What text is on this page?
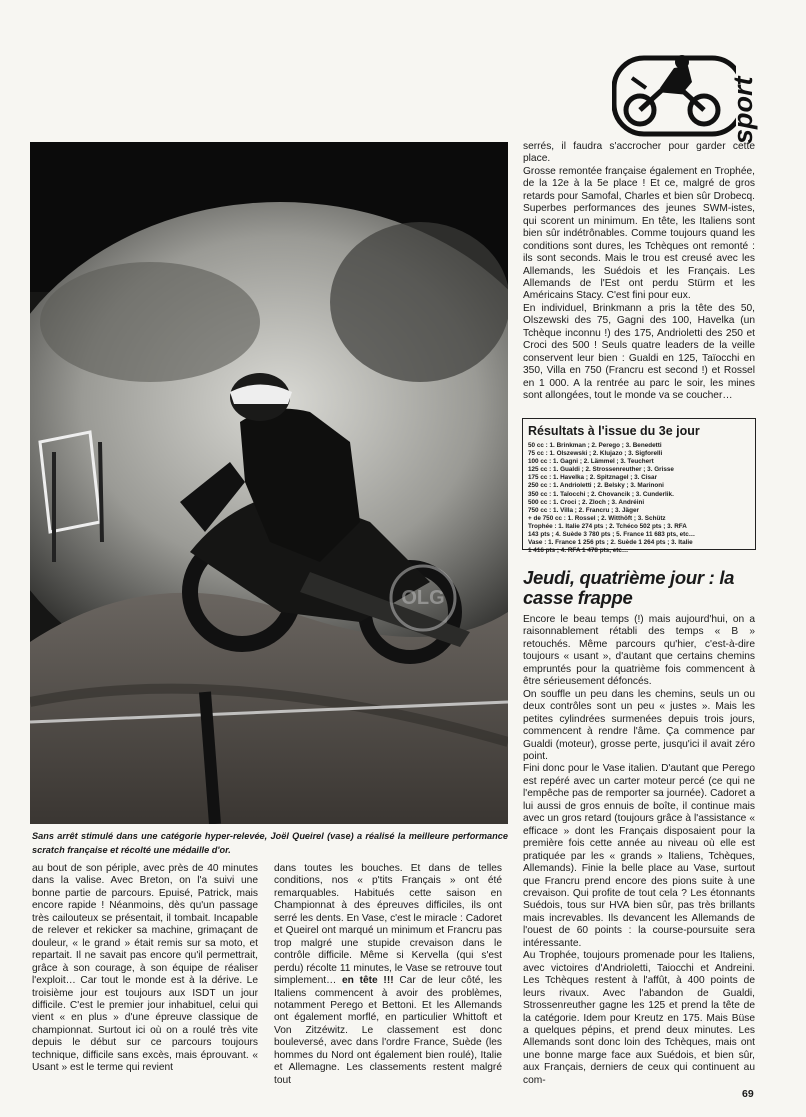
sport
OLG

Sans arrêt stimulé dans une catégorie hyper-relevée, Joël Queirel (vase) a réalisé la meilleure performance scratch française et récolté une médaille d'or.

au bout de son périple, avec près de 40 minutes dans la valise. Avec Breton, on l'a suivi une bonne partie de parcours. Epuisé, Patrick, mais encore rapide ! Néanmoins, dès qu'un passage très cailouteux se présentait, il tombait. Incapable de relever et rekicker sa machine, grimaçant de douleur, « le grand » était remis sur sa moto, et repartait. Il ne savait pas encore qu'il permettrait, grâce à son courage, à son équipe de réaliser l'exploit… Car tout le monde est à la dérive. Le troisième jour est toujours aux ISDT un jour difficile. C'est le premier jour inhabituel, celui qui vient « en plus » d'une épreuve classique de championnat. Surtout ici où on a roulé très vite depuis le début sur ce parcours toujours technique, difficile sans excès, mais éprouvant. « Usant » est le terme qui revient

dans toutes les bouches. Et dans de telles conditions, nos « p'tits Français » ont été remarquables. Habitués cette saison en Championnat à des épreuves difficiles, ils ont serré les dents. En Vase, c'est le miracle : Cadoret et Queirel ont marqué un minimum et Francru pas trop malgré une stupide crevaison dans le contrôle difficile. Même si Kervella (qui s'est perdu) récolte 11 minutes, le Vase se retrouve tout simplement… en tête !!! Car de leur côté, les Italiens commencent à avoir des problèmes, notamment Perego et Bettoni. Et les Allemands ont également morflé, en particulier Whittoft et Von Zitzéwitz. Le classement est donc bouleversé, avec dans l'ordre France, Suède (les hommes du Nord ont également bien roulé), Italie et Allemagne. Les classements restent malgré tout

serrés, il faudra s'accrocher pour garder cette place.

Grosse remontée française également en Trophée, de la 12e à la 5e place ! Et ce, malgré de gros retards pour Samofal, Charles et bien sûr Drobecq. Superbes performances des jeunes SWM-istes, qui scorent un minimum. En tête, les Italiens sont bien sûr indétrônables. Comme toujours quand les conditions sont dures, les Tchèques ont remonté : ils sont seconds. Mais le trou est creusé avec les Allemands, les Suédois et les Français. Les Allemands de l'Est ont perdu Stürm et les Américains Stacy. C'est fini pour eux.

En individuel, Brinkmann a pris la tête des 50, Olszewski des 75, Gagni des 100, Havelka (un Tchèque inconnu !) des 175, Andrioletti des 250 et Croci des 500 ! Seuls quatre leaders de la veille conservent leur bien : Gualdi en 125, Taïocchi en 350, Villa en 750 (Francru est second !) et Rossel en 1 000. A la rentrée au parc le soir, les mines sont allongées, tout le monde va se coucher…

Résultats à l'issue du 3e jour
50 cc : 1. Brinkman ; 2. Perego ; 3. Benedetti
75 cc : 1. Olszewski ; 2. Klujazo ; 3. Sigforelli
100 cc : 1. Gagni ; 2. Lämmel ; 3. Teuchert
125 cc : 1. Gualdi ; 2. Strossenreuther ; 3. Grisse
175 cc : 1. Havelka ; 2. Spitznagel ; 3. Cisar
250 cc : 1. Andrioletti ; 2. Belsky ; 3. Marinoni
350 cc : 1. Taïocchi ; 2. Chovancik ; 3. Cunderlik.
500 cc : 1. Croci ; 2. Zloch ; 3. Andréini
750 cc : 1. Villa ; 2. Francru ; 3. Jäger
+ de 750 cc : 1. Rossel ; 2. Witthöft ; 3. Schütz
Trophée : 1. Italie 274 pts ; 2. Tchéco 502 pts ; 3. RFA
143 pts ; 4. Suède 3 780 pts ; 5. France 11 683 pts, etc…
Vase : 1. France 1 256 pts ; 2. Suède 1 264 pts ; 3. Italie
1 416 pts ; 4. RFA 1 478 pts, etc…
Jeudi, quatrième jour : la casse frappe

Encore le beau temps (!) mais aujourd'hui, on a raisonnablement rétabli des temps « B » retouchés. Même parcours qu'hier, c'est-à-dire toujours « usant », d'autant que certains chemins empruntés pour la quatrième fois commencent à être sérieusement défoncés.

On souffle un peu dans les chemins, seuls un ou deux contrôles sont un peu « justes ». Mais les petites cylindrées surmenées depuis trois jours, commencent à rendre l'âme. Ça commence par Gualdi (moteur), grosse perte, jusqu'ici il avait zéro point.

Fini donc pour le Vase italien. D'autant que Perego est repéré avec un carter moteur percé (ce qui ne l'empêche pas de remporter sa journée). Cadoret a lui aussi de gros ennuis de boîte, il continue mais avec un gros retard (toujours grâce à l'assistance « efficace » dont les Français disposaient pour la première fois cette année au niveau où elle est pratiquée par les « grands » Italiens, Tchèques, Allemands). Finie la belle place au Vase, surtout que Francru prend encore des pions suite à une crevaison. Qui profite de tout cela ? Les étonnants Suédois, tous sur HVA bien sûr, pas très brillants mais increvables. Ils devancent les Allemands de l'ouest de 60 points : la course-poursuite sera intéressante.

Au Trophée, toujours promenade pour les Italiens, avec victoires d'Andrioletti, Taiocchi et Andreini. Les Tchèques restent à l'affût, à 400 points de leurs rivaux. Avec l'abandon de Gualdi, Strossenreuther gagne les 125 et prend la tête de la catégorie. Idem pour Kreutz en 175. Mais Büse a quelques pépins, et prend deux minutes. Les Allemands sont donc loin des Tchèques, mais ont une bonne marge face aux Suédois, et bien sûr, aux Français, derniers de ceux qui continuent au com-

69
